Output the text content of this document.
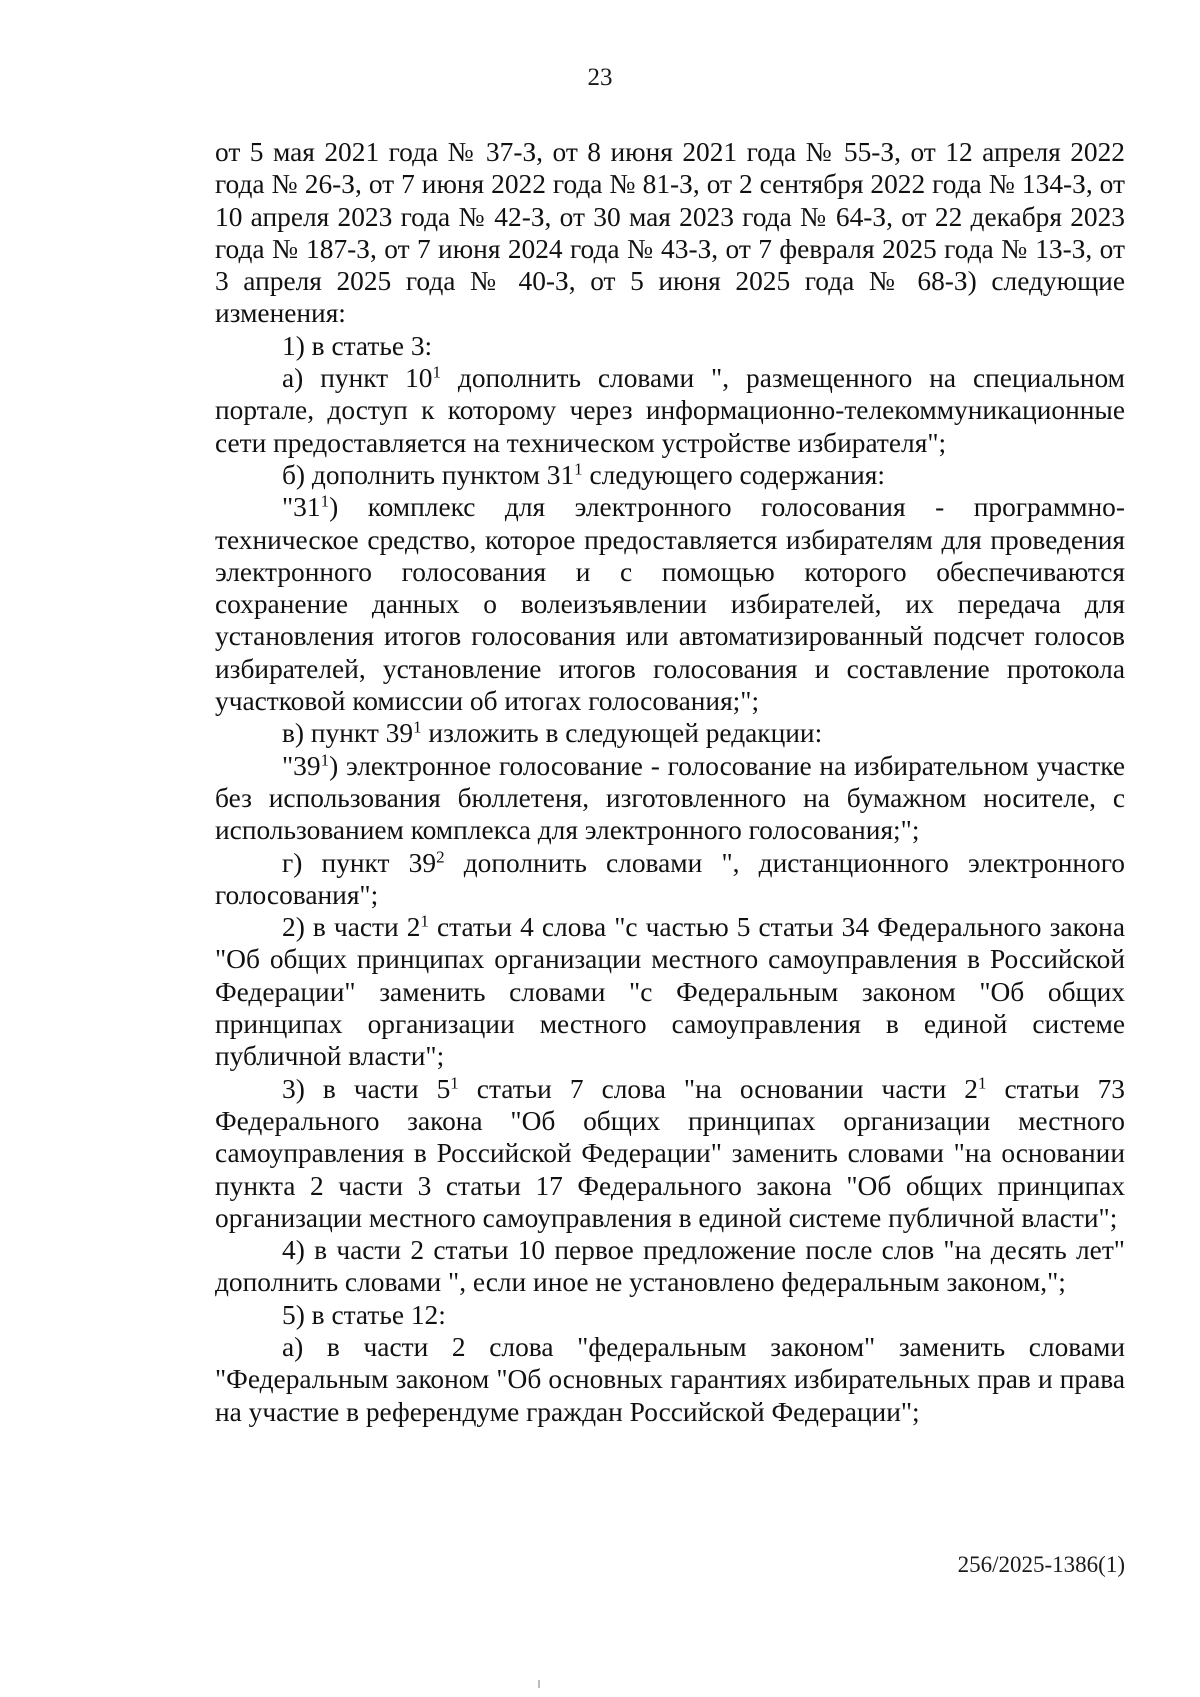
23

от 5 мая 2021 года № 37-З, от 8 июня 2021 года № 55-З, от 12 апреля 2022 года № 26-З, от 7 июня 2022 года № 81-З, от 2 сентября 2022 года № 134-З, от 10 апреля 2023 года № 42-З, от 30 мая 2023 года № 64-З, от 22 декабря 2023 года № 187-З, от 7 июня 2024 года № 43-З, от 7 февраля 2025 года № 13-З, от 3 апреля 2025 года № 40-З, от 5 июня 2025 года № 68-З) следующие изменения:

1) в статье 3:

а) пункт $10^1$ дополнить словами ", размещенного на специальном портале, доступ к которому через информационно-телекоммуникационные сети предоставляется на техническом устройстве избирателя";

б) дополнить пунктом $31^1$ следующего содержания:

"$31^1$) комплекс для электронного голосования - программно-техническое средство, которое предоставляется избирателям для проведения электронного голосования и с помощью которого обеспечиваются сохранение данных о волеизъявлении избирателей, их передача для установления итогов голосования или автоматизированный подсчет голосов избирателей, установление итогов голосования и составление протокола участковой комиссии об итогах голосования;";

в) пункт $39^1$ изложить в следующей редакции:

"$39^1$) электронное голосование - голосование на избирательном участке без использования бюллетеня, изготовленного на бумажном носителе, с использованием комплекса для электронного голосования;";

г) пункт $39^2$ дополнить словами ", дистанционного электронного голосования";

2) в части $2^1$ статьи 4 слова "с частью 5 статьи 34 Федерального закона "Об общих принципах организации местного самоуправления в Российской Федерации" заменить словами "с Федеральным законом "Об общих принципах организации местного самоуправления в единой системе публичной власти";

3) в части $5^1$ статьи 7 слова "на основании части $2^1$ статьи 73 Федерального закона "Об общих принципах организации местного самоуправления в Российской Федерации" заменить словами "на основании пункта 2 части 3 статьи 17 Федерального закона "Об общих принципах организации местного самоуправления в единой системе публичной власти";

4) в части 2 статьи 10 первое предложение после слов "на десять лет" дополнить словами ", если иное не установлено федеральным законом,";

5) в статье 12:

а) в части 2 слова "федеральным законом" заменить словами "Федеральным законом "Об основных гарантиях избирательных прав и права на участие в референдуме граждан Российской Федерации";

256/2025-1386(1)
